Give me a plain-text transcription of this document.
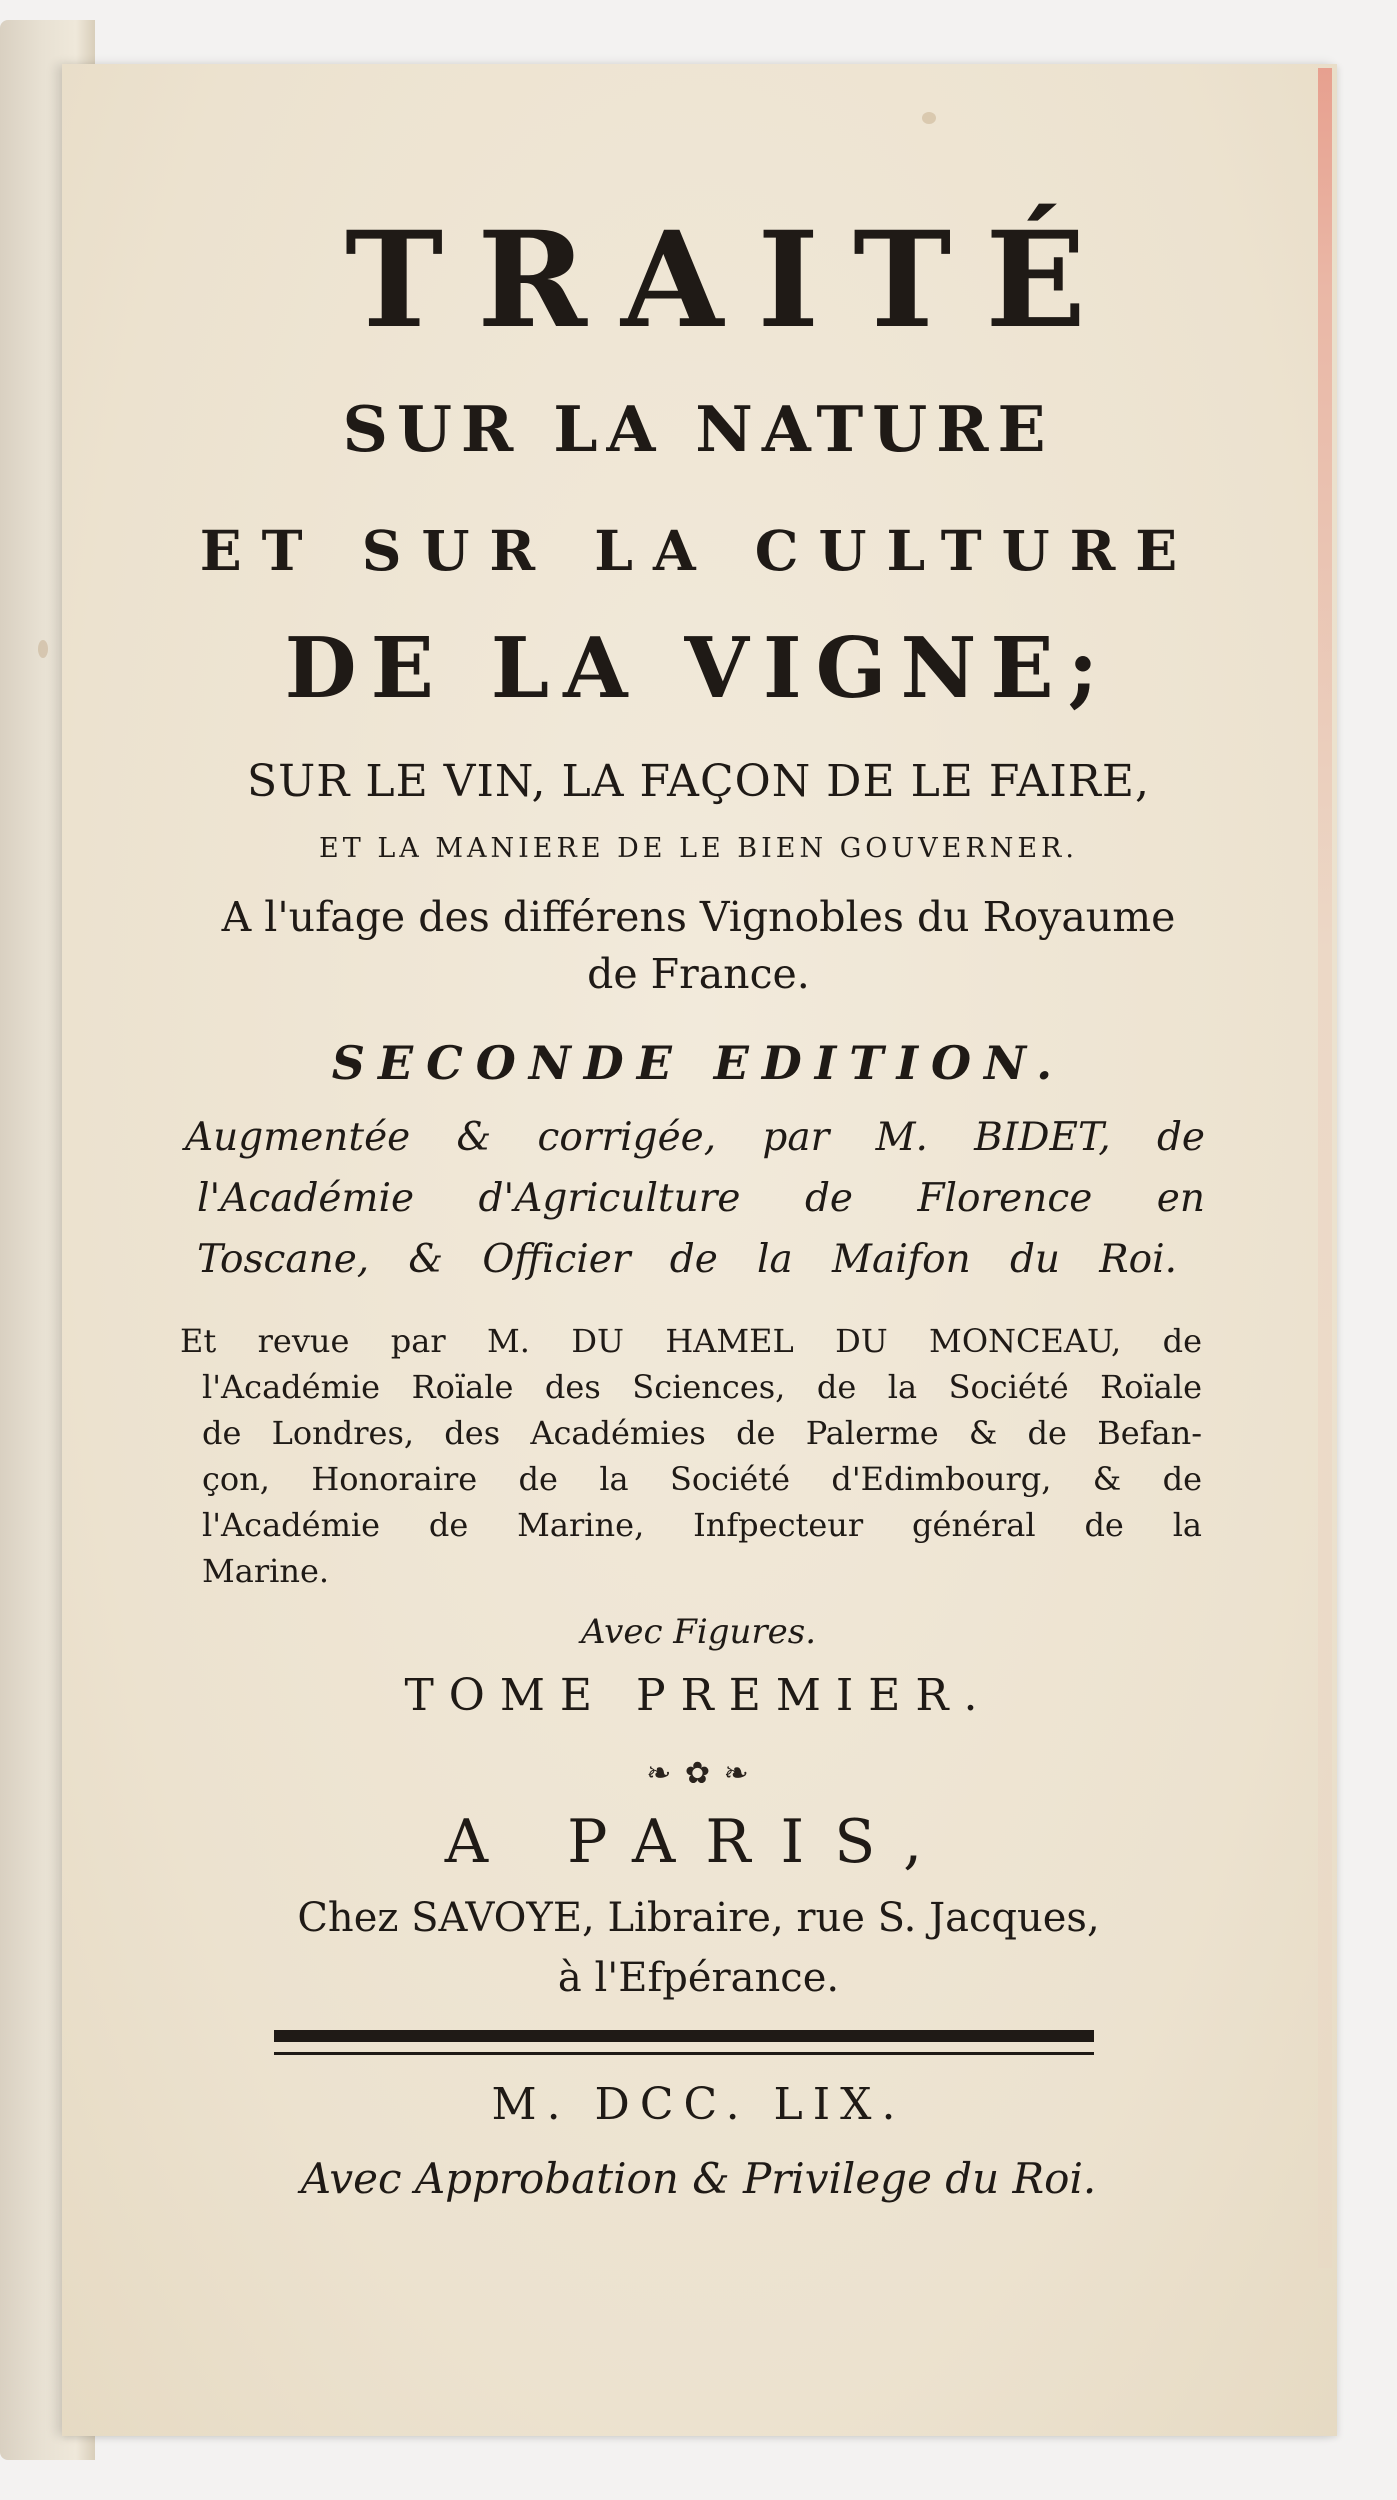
TRAITÉ

SUR LA NATURE

ET SUR LA CULTURE

DE LA VIGNE;

SUR LE VIN, LA FAÇON DE LE FAIRE,

ET LA MANIERE DE LE BIEN GOUVERNER.

A l'ufage des différens Vignobles du Royaume

de France.

SECONDE EDITION.

Augmentée & corrigée, par M. BIDET, de
l'Académie d'Agriculture de Florence en
Toscane, & Officier de la Maifon du Roi.
Et revue par M. DU HAMEL DU MONCEAU, de
l'Académie Roïale des Sciences, de la Société Roïale
de Londres, des Académies de Palerme & de Befan-
çon, Honoraire de la Société d'Edimbourg, & de
l'Académie de Marine, Infpecteur général de la
Marine.

Avec Figures.

TOME PREMIER.

❧ ✿ ❧

A PARIS,

Chez SAVOYE, Libraire, rue S. Jacques,

à l'Efpérance.

M. DCC. LIX.

Avec Approbation & Privilege du Roi.
